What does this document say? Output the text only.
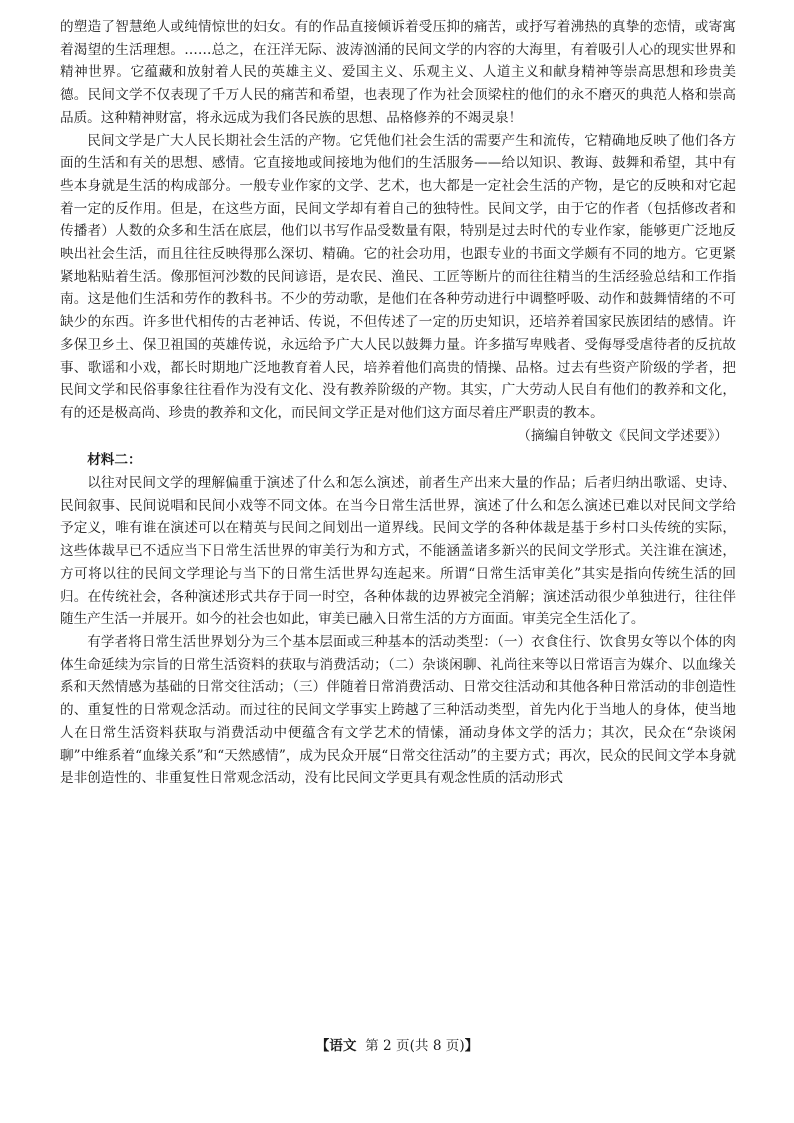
的塑造了智慧绝人或纯情惊世的妇女。有的作品直接倾诉着受压抑的痛苦，或抒写着沸热的真挚的恋情，或寄寓着渴望的生活理想。……总之，在汪洋无际、波涛汹涌的民间文学的内容的大海里，有着吸引人心的现实世界和精神世界。它蕴藏和放射着人民的英雄主义、爱国主义、乐观主义、人道主义和献身精神等崇高思想和珍贵美德。民间文学不仅表现了千万人民的痛苦和希望，也表现了作为社会顶梁柱的他们的永不磨灭的典范人格和崇高品质。这种精神财富，将永远成为我们各民族的思想、品格修养的不竭灵泉！

民间文学是广大人民长期社会生活的产物。它凭他们社会生活的需要产生和流传，它精确地反映了他们各方面的生活和有关的思想、感情。它直接地或间接地为他们的生活服务——给以知识、教诲、鼓舞和希望，其中有些本身就是生活的构成部分。一般专业作家的文学、艺术，也大都是一定社会生活的产物，是它的反映和对它起着一定的反作用。但是，在这些方面，民间文学却有着自己的独特性。民间文学，由于它的作者（包括修改者和传播者）人数的众多和生活在底层，他们以书写作品受数量有限，特别是过去时代的专业作家，能够更广泛地反映出社会生活，而且往往反映得那么深切、精确。它的社会功用，也跟专业的书面文学颇有不同的地方。它更紧紧地粘贴着生活。像那恒河沙数的民间谚语，是农民、渔民、工匠等断片的而往往精当的生活经验总结和工作指南。这是他们生活和劳作的教科书。不少的劳动歌，是他们在各种劳动进行中调整呼吸、动作和鼓舞情绪的不可缺少的东西。许多世代相传的古老神话、传说，不但传述了一定的历史知识，还培养着国家民族团结的感情。许多保卫乡土、保卫祖国的英雄传说，永远给予广大人民以鼓舞力量。许多描写卑贱者、受侮辱受虐待者的反抗故事、歌谣和小戏，都长时期地广泛地教育着人民，培养着他们高贵的情操、品格。过去有些资产阶级的学者，把民间文学和民俗事象往往看作为没有文化、没有教养阶级的产物。其实，广大劳动人民自有他们的教养和文化，有的还是极高尚、珍贵的教养和文化，而民间文学正是对他们这方面尽着庄严职责的教本。

（摘编自钟敬文《民间文学述要》）

材料二：

以往对民间文学的理解偏重于演述了什么和怎么演述，前者生产出来大量的作品；后者归纳出歌谣、史诗、民间叙事、民间说唱和民间小戏等不同文体。在当今日常生活世界，演述了什么和怎么演述已难以对民间文学给予定义，唯有谁在演述可以在精英与民间之间划出一道界线。民间文学的各种体裁是基于乡村口头传统的实际，这些体裁早已不适应当下日常生活世界的审美行为和方式，不能涵盖诸多新兴的民间文学形式。关注谁在演述，方可将以往的民间文学理论与当下的日常生活世界勾连起来。所谓“日常生活审美化”其实是指向传统生活的回归。在传统社会，各种演述形式共存于同一时空，各种体裁的边界被完全消解；演述活动很少单独进行，往往伴随生产生活一并展开。如今的社会也如此，审美已融入日常生活的方方面面。审美完全生活化了。

有学者将日常生活世界划分为三个基本层面或三种基本的活动类型：（一）衣食住行、饮食男女等以个体的肉体生命延续为宗旨的日常生活资料的获取与消费活动；（二）杂谈闲聊、礼尚往来等以日常语言为媒介、以血缘关系和天然情感为基础的日常交往活动；（三）伴随着日常消费活动、日常交往活动和其他各种日常活动的非创造性的、重复性的日常观念活动。而过往的民间文学事实上跨越了三种活动类型，首先内化于当地人的身体，使当地人在日常生活资料获取与消费活动中便蕴含有文学艺术的情愫，涌动身体文学的活力；其次，民众在“杂谈闲聊”中维系着“血缘关系”和“天然感情”，成为民众开展“日常交往活动”的主要方式；再次，民众的民间文学本身就是非创造性的、非重复性日常观念活动，没有比民间文学更具有观念性质的活动形式

【语文 第 2 页(共 8 页)】
